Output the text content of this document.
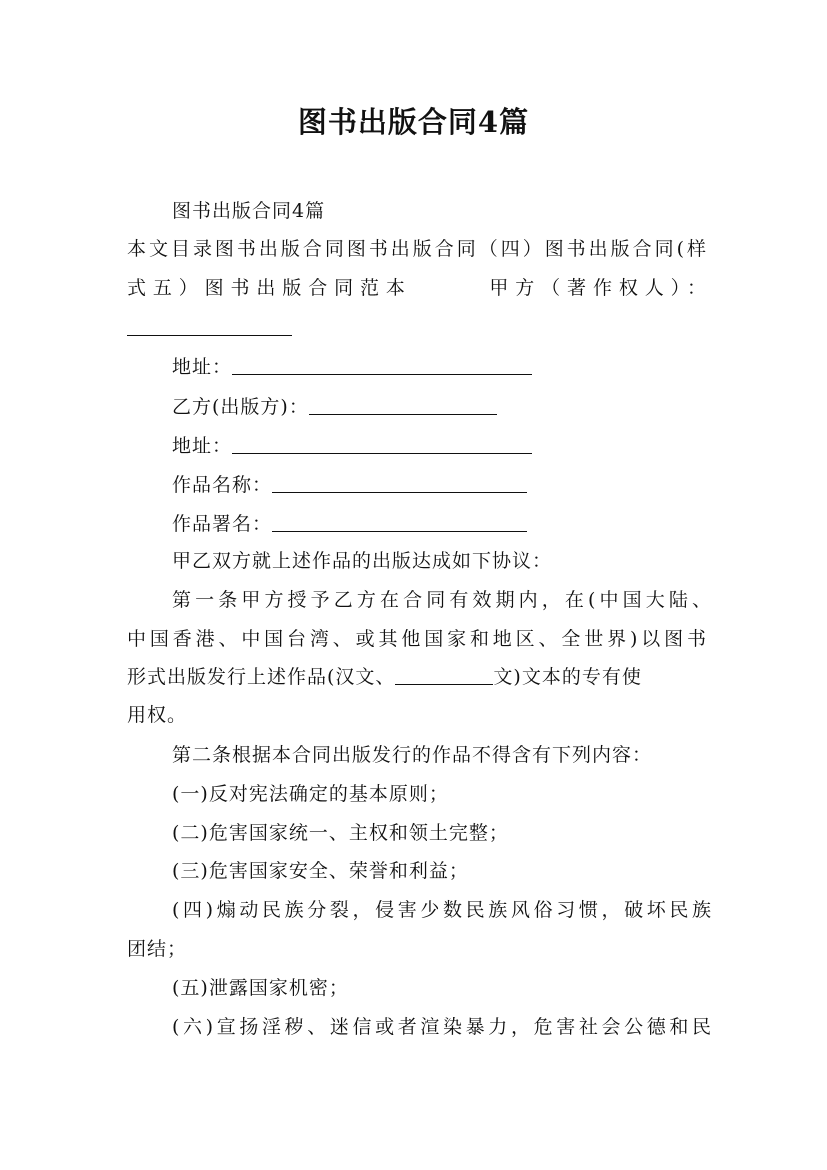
图书出版合同4篇
图书出版合同4篇
本文目录图书出版合同图书出版合同（四）图书出版合同(样
式五）图书出版合同范本　　　甲方（著作权人）：
地址：
乙方(出版方)：
地址：
作品名称：
作品署名：
甲乙双方就上述作品的出版达成如下协议：
第一条甲方授予乙方在合同有效期内，在(中国大陆、
中国香港、中国台湾、或其他国家和地区、全世界)以图书
形式出版发行上述作品(汉文、	文)文本的专有使
用权。
第二条根据本合同出版发行的作品不得含有下列内容：
(一)反对宪法确定的基本原则；
(二)危害国家统一、主权和领土完整；
(三)危害国家安全、荣誉和利益；
(四)煽动民族分裂，侵害少数民族风俗习惯，破坏民族
团结；
(五)泄露国家机密；
(六)宣扬淫秽、迷信或者渲染暴力，危害社会公德和民
